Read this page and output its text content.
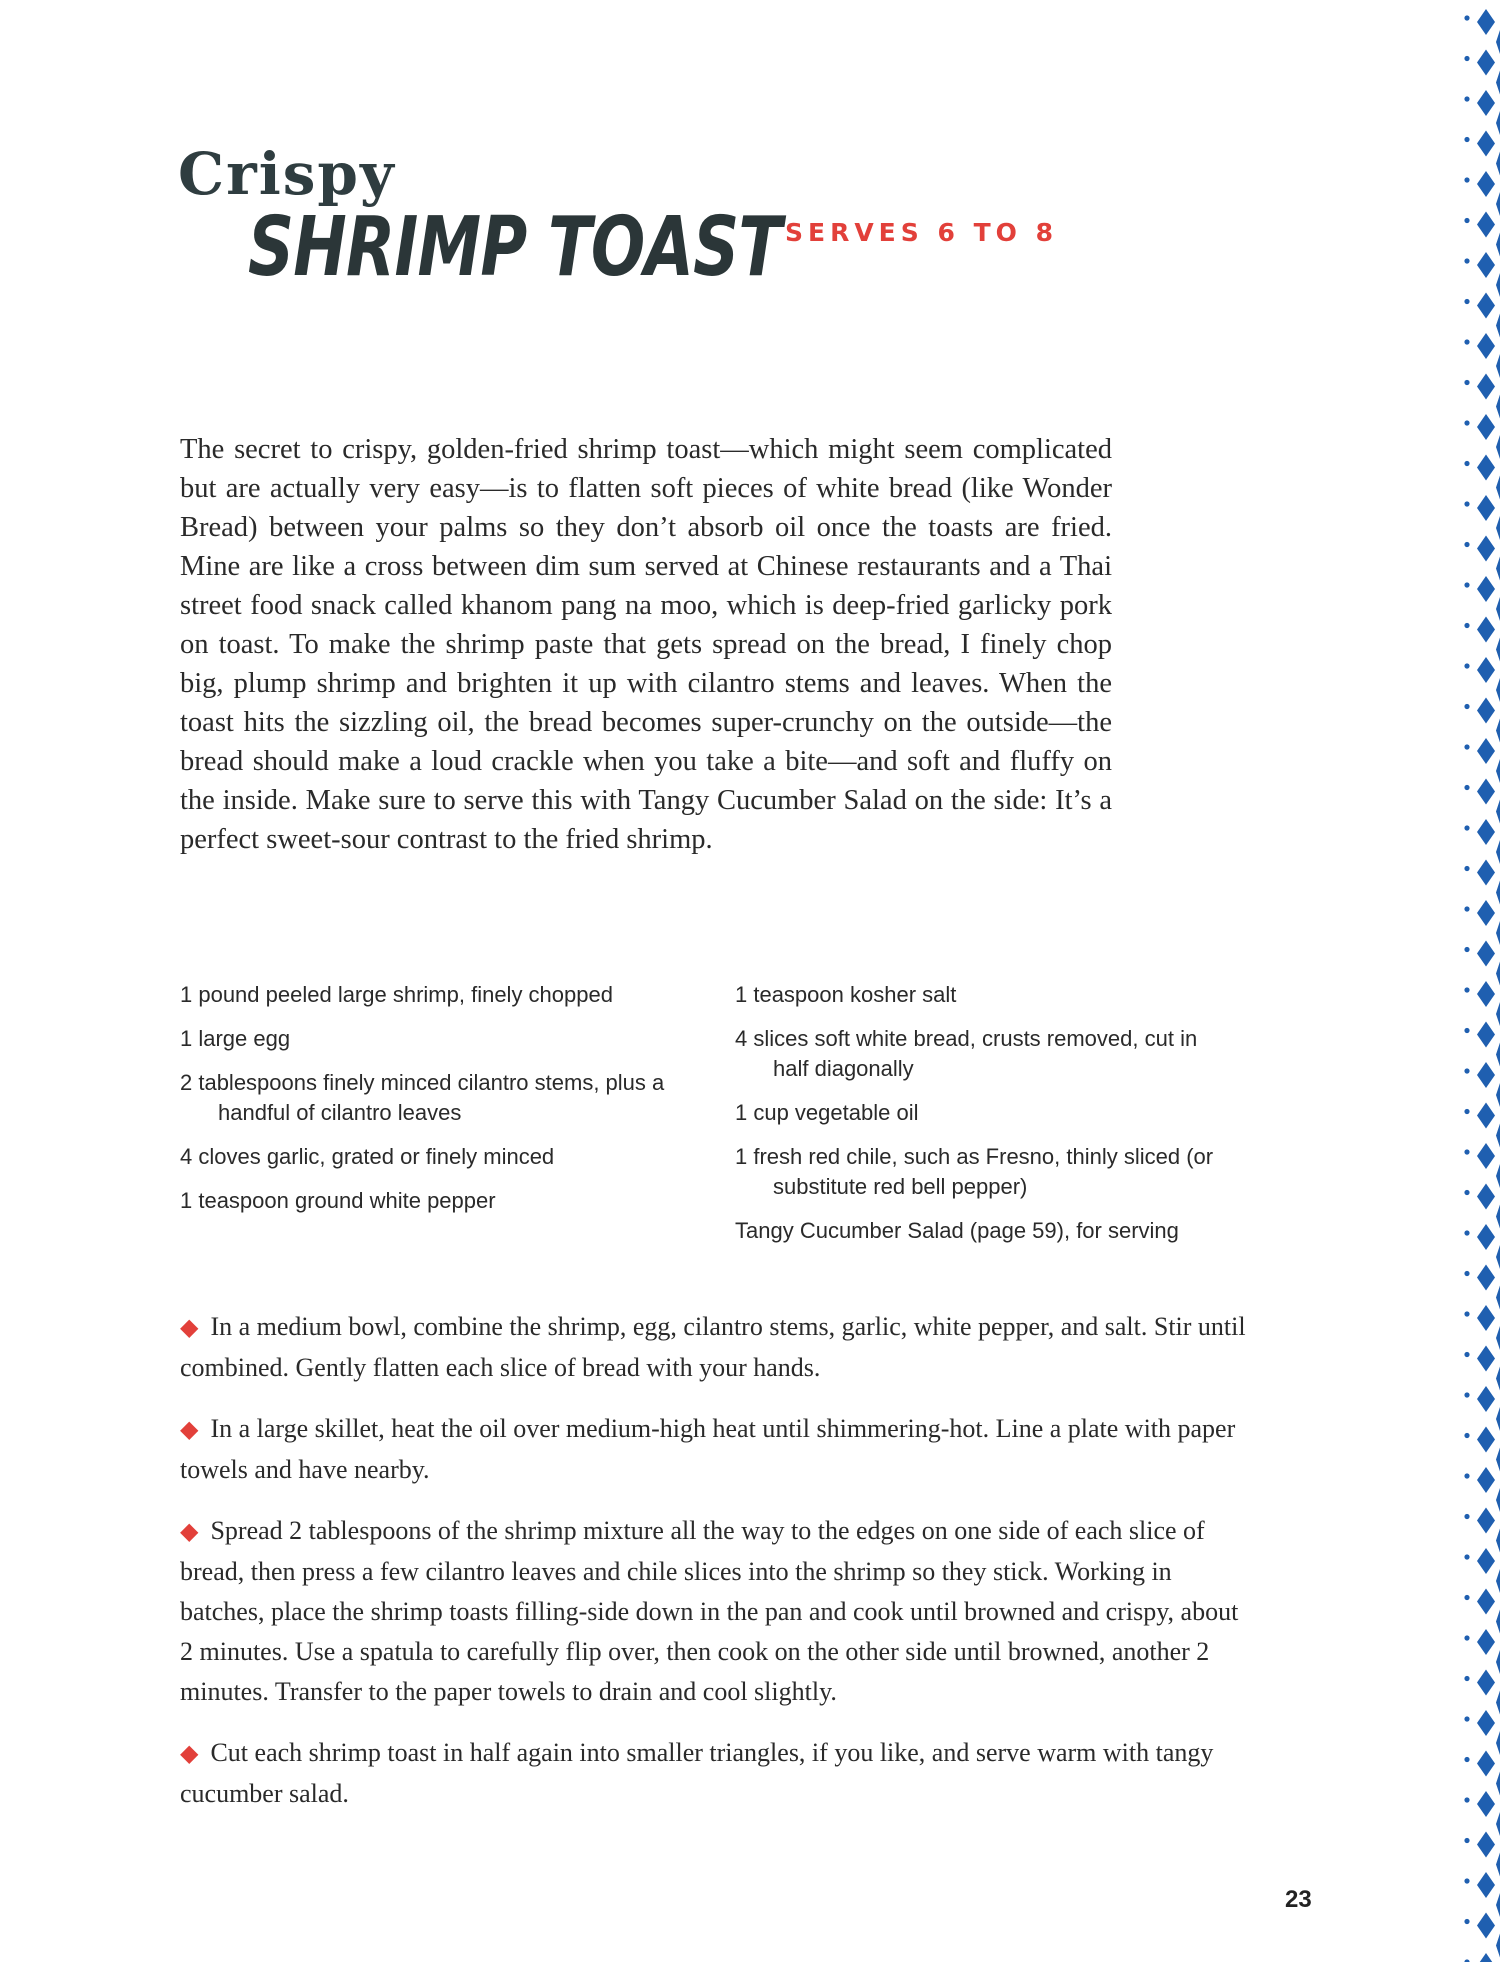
Crispy
SHRIMP TOAST SERVES 6 TO 8

The secret to crispy, golden-fried shrimp toast—which might seem complicated but are actually very easy—is to flatten soft pieces of white bread (like Wonder Bread) between your palms so they don’t absorb oil once the toasts are fried. Mine are like a cross between dim sum served at Chinese restaurants and a Thai street food snack called khanom pang na moo, which is deep-fried garlicky pork on toast. To make the shrimp paste that gets spread on the bread, I finely chop big, plump shrimp and brighten it up with cilantro stems and leaves. When the toast hits the sizzling oil, the bread becomes super-crunchy on the outside—the bread should make a loud crackle when you take a bite—and soft and fluffy on the inside. Make sure to serve this with Tangy Cucumber Salad on the side: It’s a perfect sweet-sour contrast to the fried shrimp.

1 pound peeled large shrimp, finely chopped
1 large egg
2 tablespoons finely minced cilantro stems, plus a handful of cilantro leaves
4 cloves garlic, grated or finely minced
1 teaspoon ground white pepper
1 teaspoon kosher salt
4 slices soft white bread, crusts removed, cut in half diagonally
1 cup vegetable oil
1 fresh red chile, such as Fresno, thinly sliced (or substitute red bell pepper)
Tangy Cucumber Salad (page 59), for serving

◆ In a medium bowl, combine the shrimp, egg, cilantro stems, garlic, white pepper, and salt. Stir until combined. Gently flatten each slice of bread with your hands.

◆ In a large skillet, heat the oil over medium-high heat until shimmering-hot. Line a plate with paper towels and have nearby.

◆ Spread 2 tablespoons of the shrimp mixture all the way to the edges on one side of each slice of bread, then press a few cilantro leaves and chile slices into the shrimp so they stick. Working in batches, place the shrimp toasts filling-side down in the pan and cook until browned and crispy, about 2 minutes. Use a spatula to carefully flip over, then cook on the other side until browned, another 2 minutes. Transfer to the paper towels to drain and cool slightly.

◆ Cut each shrimp toast in half again into smaller triangles, if you like, and serve warm with tangy cucumber salad.

23
